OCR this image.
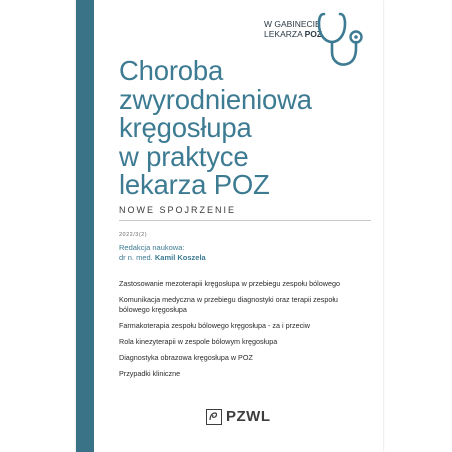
W GABINECIE
LEKARZA POZ
Choroba
zwyrodnieniowa
kręgosłupa
w praktyce
lekarza POZ
NOWE SPOJRZENIE
2022/3(2)
Redakcja naukowa:
dr n. med. Kamil Koszela
Zastosowanie mezoterapii kręgosłupa w przebiegu zespołu bólowego
Komunikacja medyczna w przebiegu diagnostyki oraz terapii zespołu bólowego kręgosłupa
Farmakoterapia zespołu bólowego kręgosłupa - za i przeciw
Rola kinezyterapii w zespole bólowym kręgosłupa
Diagnostyka obrazowa kręgosłupa w POZ
Przypadki kliniczne
PZWL
